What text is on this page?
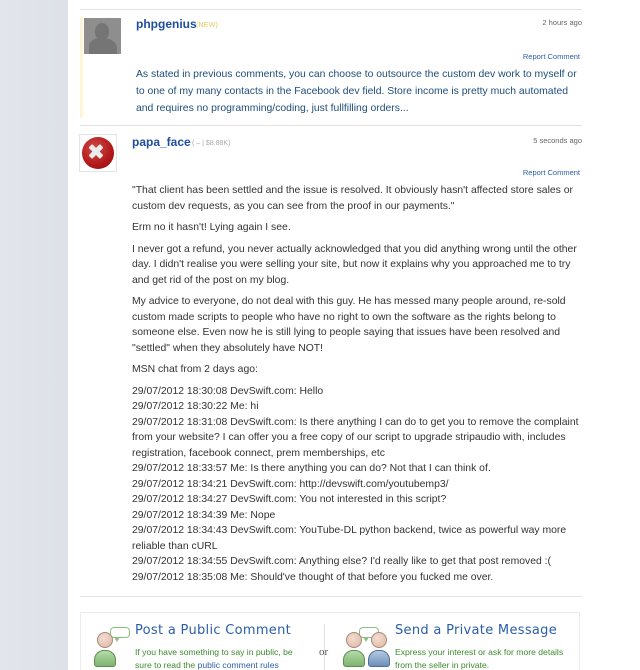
phpgenius (NEW)	2 hours ago
Report Comment
As stated in previous comments, you can choose to outsource the custom dev work to myself or to one of my many contacts in the Facebook dev field. Store income is pretty much automated and requires no programming/coding, just fullfilling orders...
papa_face ( – | $8.88K)	5 seconds ago
Report Comment

"That client has been settled and the issue is resolved. It obviously hasn't affected store sales or custom dev requests, as you can see from the proof in our payments."

Erm no it hasn't! Lying again I see.

I never got a refund, you never actually acknowledged that you did anything wrong until the other day. I didn't realise you were selling your site, but now it explains why you approached me to try and get rid of the post on my blog.

My advice to everyone, do not deal with this guy. He has messed many people around, re-sold custom made scripts to people who have no right to own the software as the rights belong to someone else. Even now he is still lying to people saying that issues have been resolved and "settled" when they absolutely have NOT!

MSN chat from 2 days ago:

29/07/2012 18:30:08 DevSwift.com: Hello
29/07/2012 18:30:22 Me: hi
29/07/2012 18:31:08 DevSwift.com: Is there anything I can do to get you to remove the complaint from your website? I can offer you a free copy of our script to upgrade stripaudio with, includes registration, facebook connect, prem memberships, etc
29/07/2012 18:33:57 Me: Is there anything you can do? Not that I can think of.
29/07/2012 18:34:21 DevSwift.com: http://devswift.com/youtubemp3/
29/07/2012 18:34:27 DevSwift.com: You not interested in this script?
29/07/2012 18:34:39 Me: Nope
29/07/2012 18:34:43 DevSwift.com: YouTube-DL python backend, twice as powerful way more reliable than cURL
29/07/2012 18:34:55 DevSwift.com: Anything else? I'd really like to get that post removed :(
29/07/2012 18:35:08 Me: Should've thought of that before you fucked me over.
Post a Public Comment
If you have something to say in public, be sure to read the public comment rules
or
Send a Private Message
Express your interest or ask for more details from the seller in private.
